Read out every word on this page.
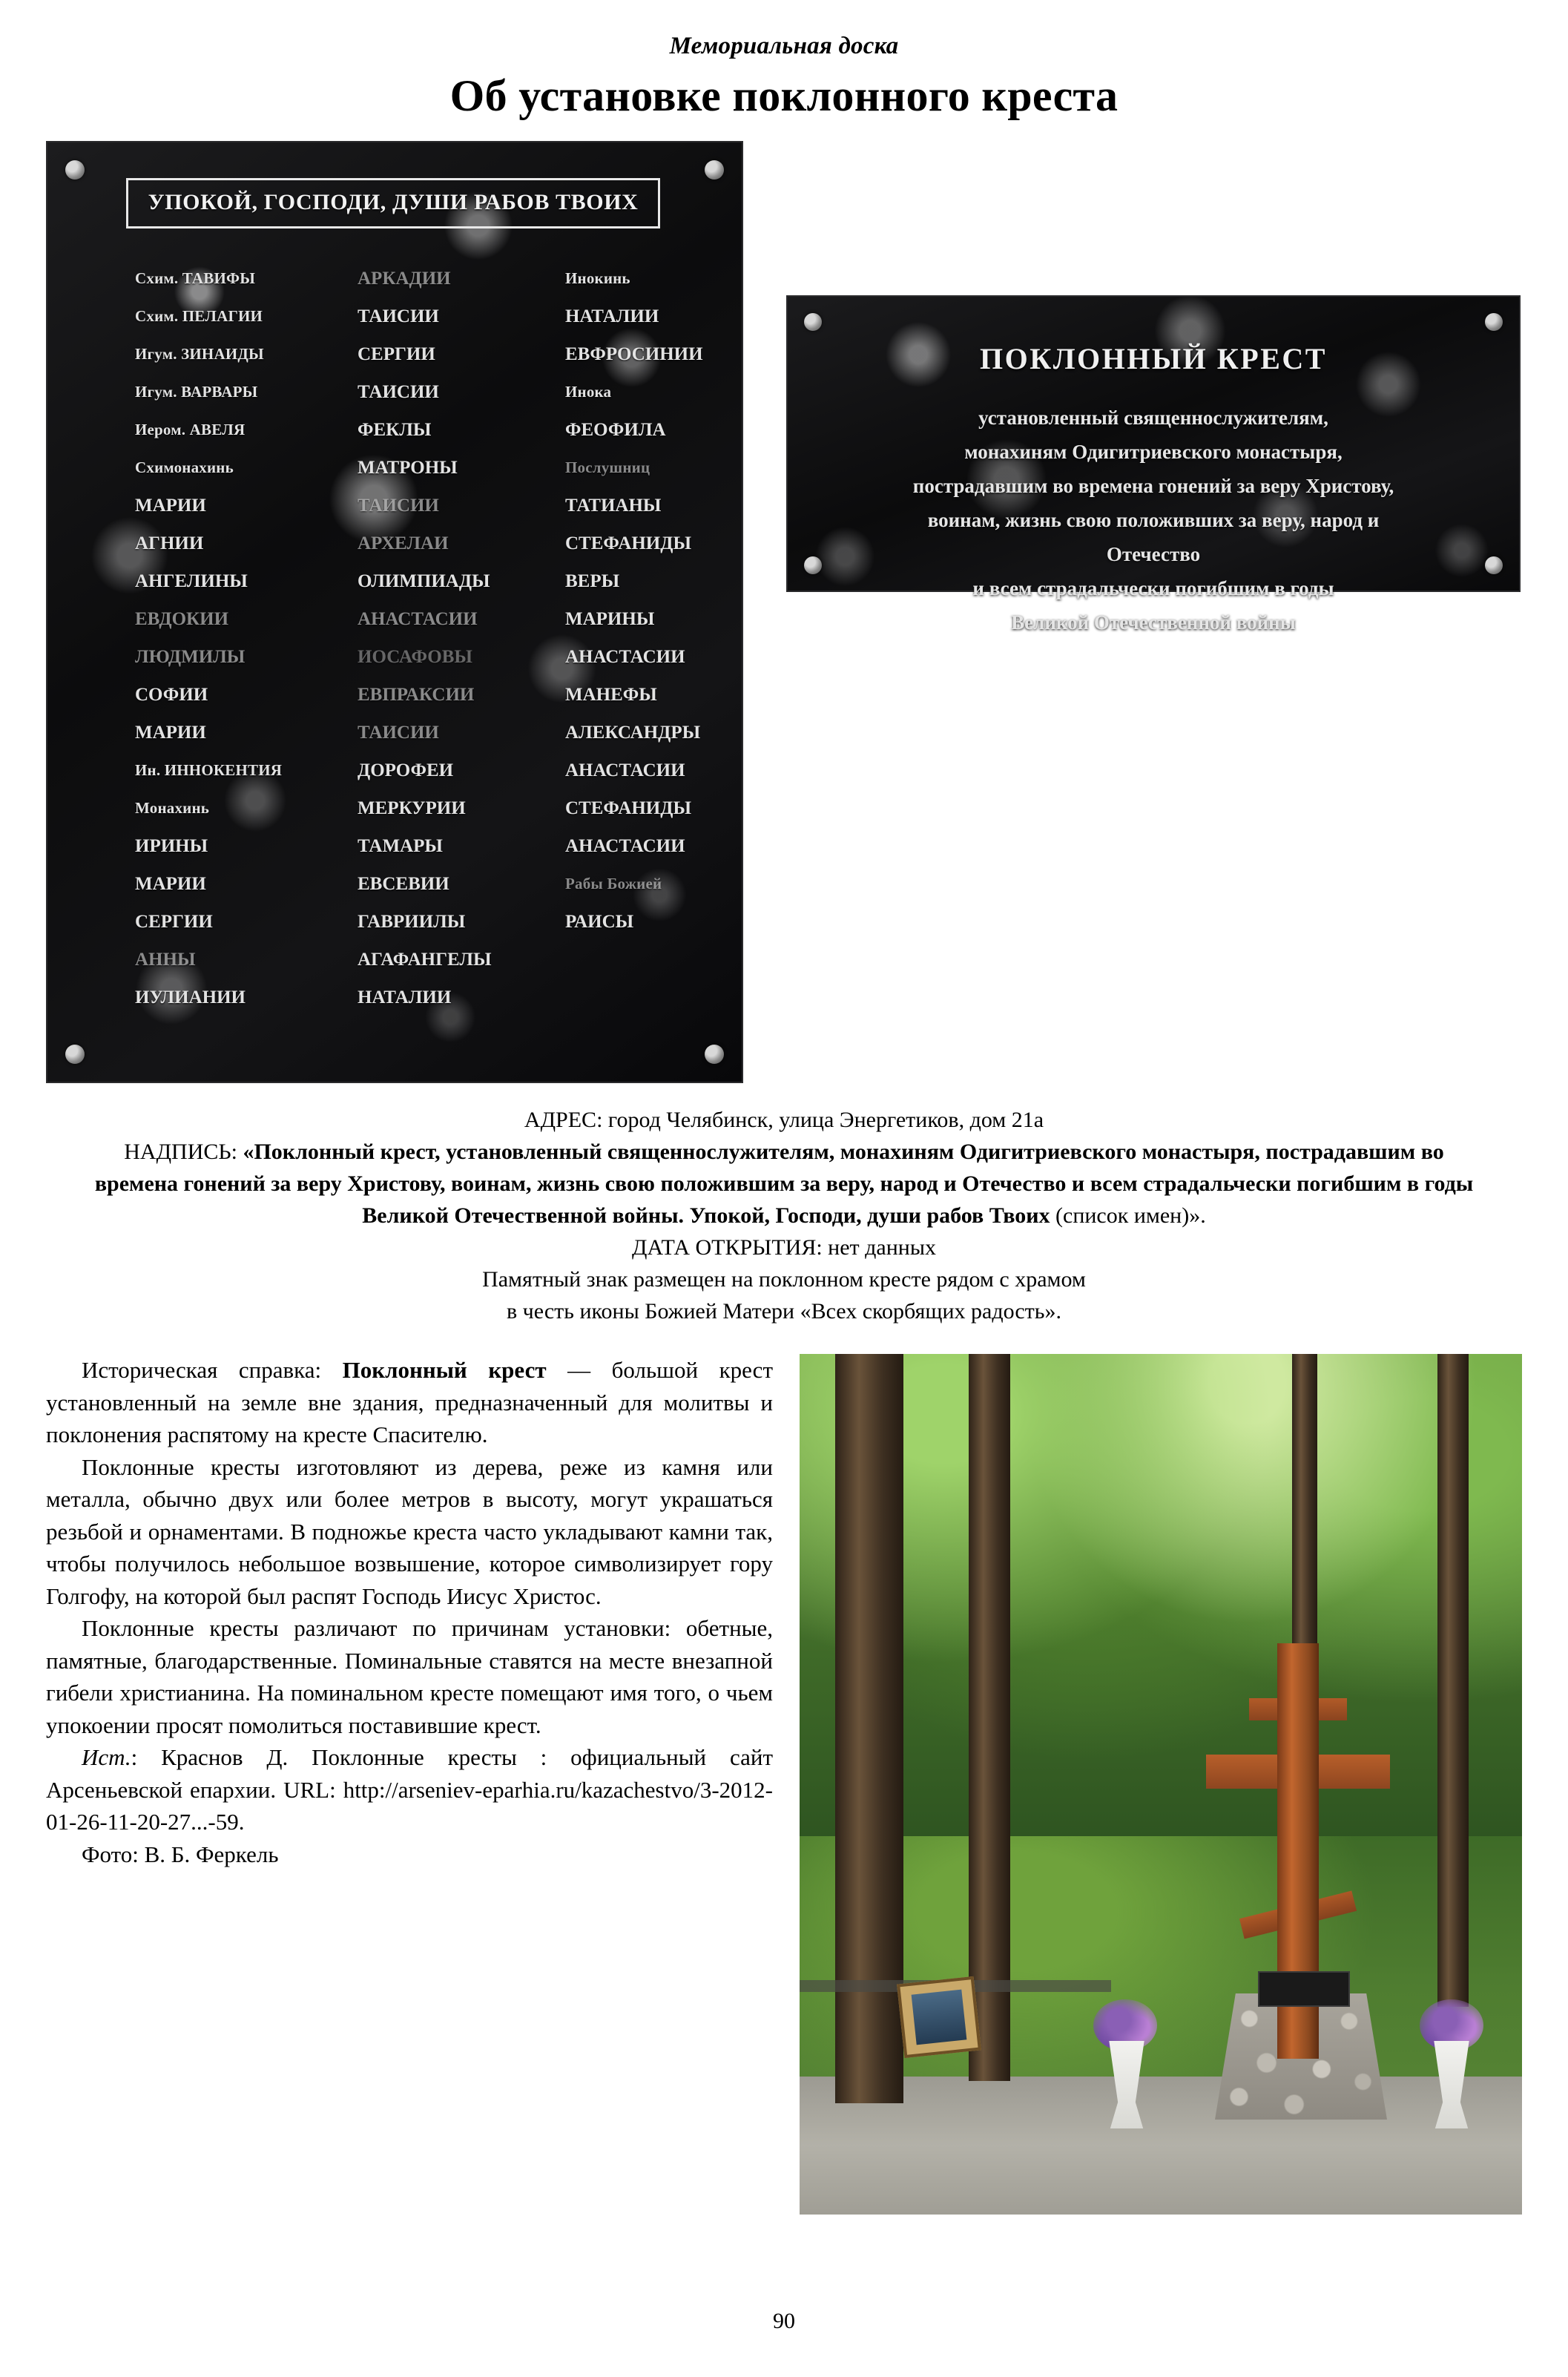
Мемориальная доска
Об установке поклонного креста
УПОКОЙ, ГОСПОДИ, ДУШИ РАБОВ ТВОИХ
Схим. ТАВИФЫ
Схим. ПЕЛАГИИ
Игум. ЗИНАИДЫ
Игум. ВАРВАРЫ
Иером. АВЕЛЯ
Схимонахинь
МАРИИ
АГНИИ
АНГЕЛИНЫ
ЕВДОКИИ
ЛЮДМИЛЫ
СОФИИ
МАРИИ
Ин. ИННОКЕНТИЯ
Монахинь
ИРИНЫ
МАРИИ
СЕРГИИ
АННЫ
ИУЛИАНИИ
АРКАДИИ
ТАИСИИ
СЕРГИИ
ТАИСИИ
ФЕКЛЫ
МАТРОНЫ
ТАИСИИ
АРХЕЛАИ
ОЛИМПИАДЫ
АНАСТАСИИ
ИОСАФОВЫ
ЕВПРАКСИИ
ТАИСИИ
ДОРОФЕИ
МЕРКУРИИ
ТАМАРЫ
ЕВСЕВИИ
ГАВРИИЛЫ
АГАФАНГЕЛЫ
НАТАЛИИ
Инокинь
НАТАЛИИ
ЕВФРОСИНИИ
Инока
ФЕОФИЛА
Послушниц
ТАТИАНЫ
СТЕФАНИДЫ
ВЕРЫ
МАРИНЫ
АНАСТАСИИ
МАНЕФЫ
АЛЕКСАНДРЫ
АНАСТАСИИ
СТЕФАНИДЫ
АНАСТАСИИ
Рабы Божией
РАИСЫ
ПОКЛОННЫЙ КРЕСТ
установленный священнослужителям,
монахиням Одигитриевского монастыря,
пострадавшим во времена гонений за веру Христову,
воинам, жизнь свою положивших за веру, народ и
Отечество
и всем страдальчески погибшим в годы
Великой Отечественной войны
АДРЕС: город Челябинск, улица Энергетиков, дом 21а
НАДПИСЬ: «Поклонный крест, установленный священнослужителям, монахиням Одигитриевского монастыря, пострадавшим во времена гонений за веру Христову, воинам, жизнь свою положившим за веру, народ и Отечество и всем страдальчески погибшим в годы Великой Отечественной войны. Упокой, Господи, души рабов Твоих (список имен)».
ДАТА ОТКРЫТИЯ: нет данных
Памятный знак размещен на поклонном кресте рядом с храмом
в честь иконы Божией Матери «Всех скорбящих радость».

Историческая справка: Поклонный крест — большой крест установленный на земле вне здания, предназначенный для молитвы и поклонения распятому на кресте Спасителю.

Поклонные кресты изготовляют из дерева, реже из камня или металла, обычно двух или более метров в высоту, могут украшаться резьбой и орнаментами. В подножье креста часто укладывают камни так, чтобы получилось небольшое возвышение, которое символизирует гору Голгофу, на которой был распят Господь Иисус Христос.

Поклонные кресты различают по причинам установки: обетные, памятные, благодарственные. Поминальные ставятся на месте внезапной гибели христианина. На поминальном кресте помещают имя того, о чьем упокоении просят помолиться поставившие крест.

Ист.: Краснов Д. Поклонные кресты : официальный сайт Арсеньевской епархии. URL: http://arseniev-eparhia.ru/kazachestvo/3-2012-01-26-11-20-27...-59.

Фото: В. Б. Феркель

90
